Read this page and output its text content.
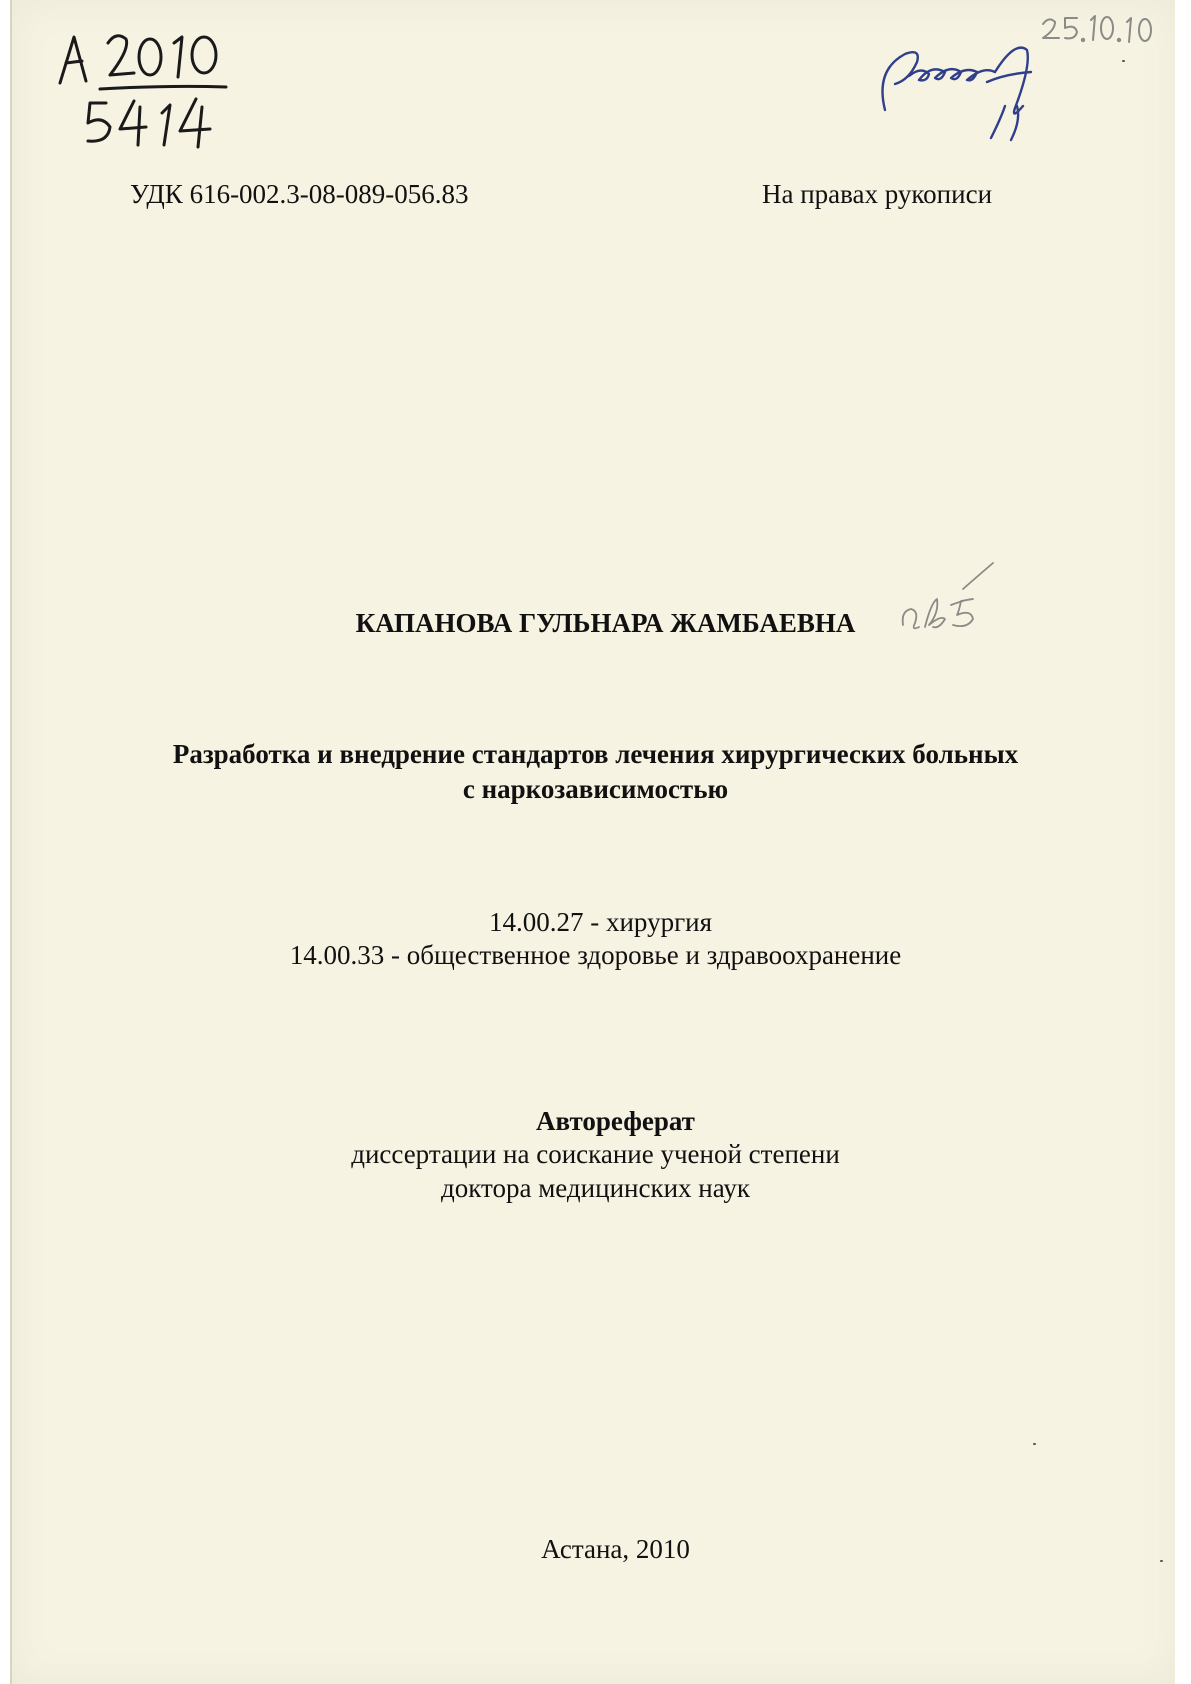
УДК 616-002.3-08-089-056.83	На правах рукописи
КАПАНОВА ГУЛЬНАРА ЖАМБАЕВНА
Разработка и внедрение стандартов лечения хирургических больных
с наркозависимостью
14.00.27 - хирургия
14.00.33 - общественное здоровье и здравоохранение
Автореферат
диссертации на соискание ученой степени
доктора медицинских наук
Астана, 2010
